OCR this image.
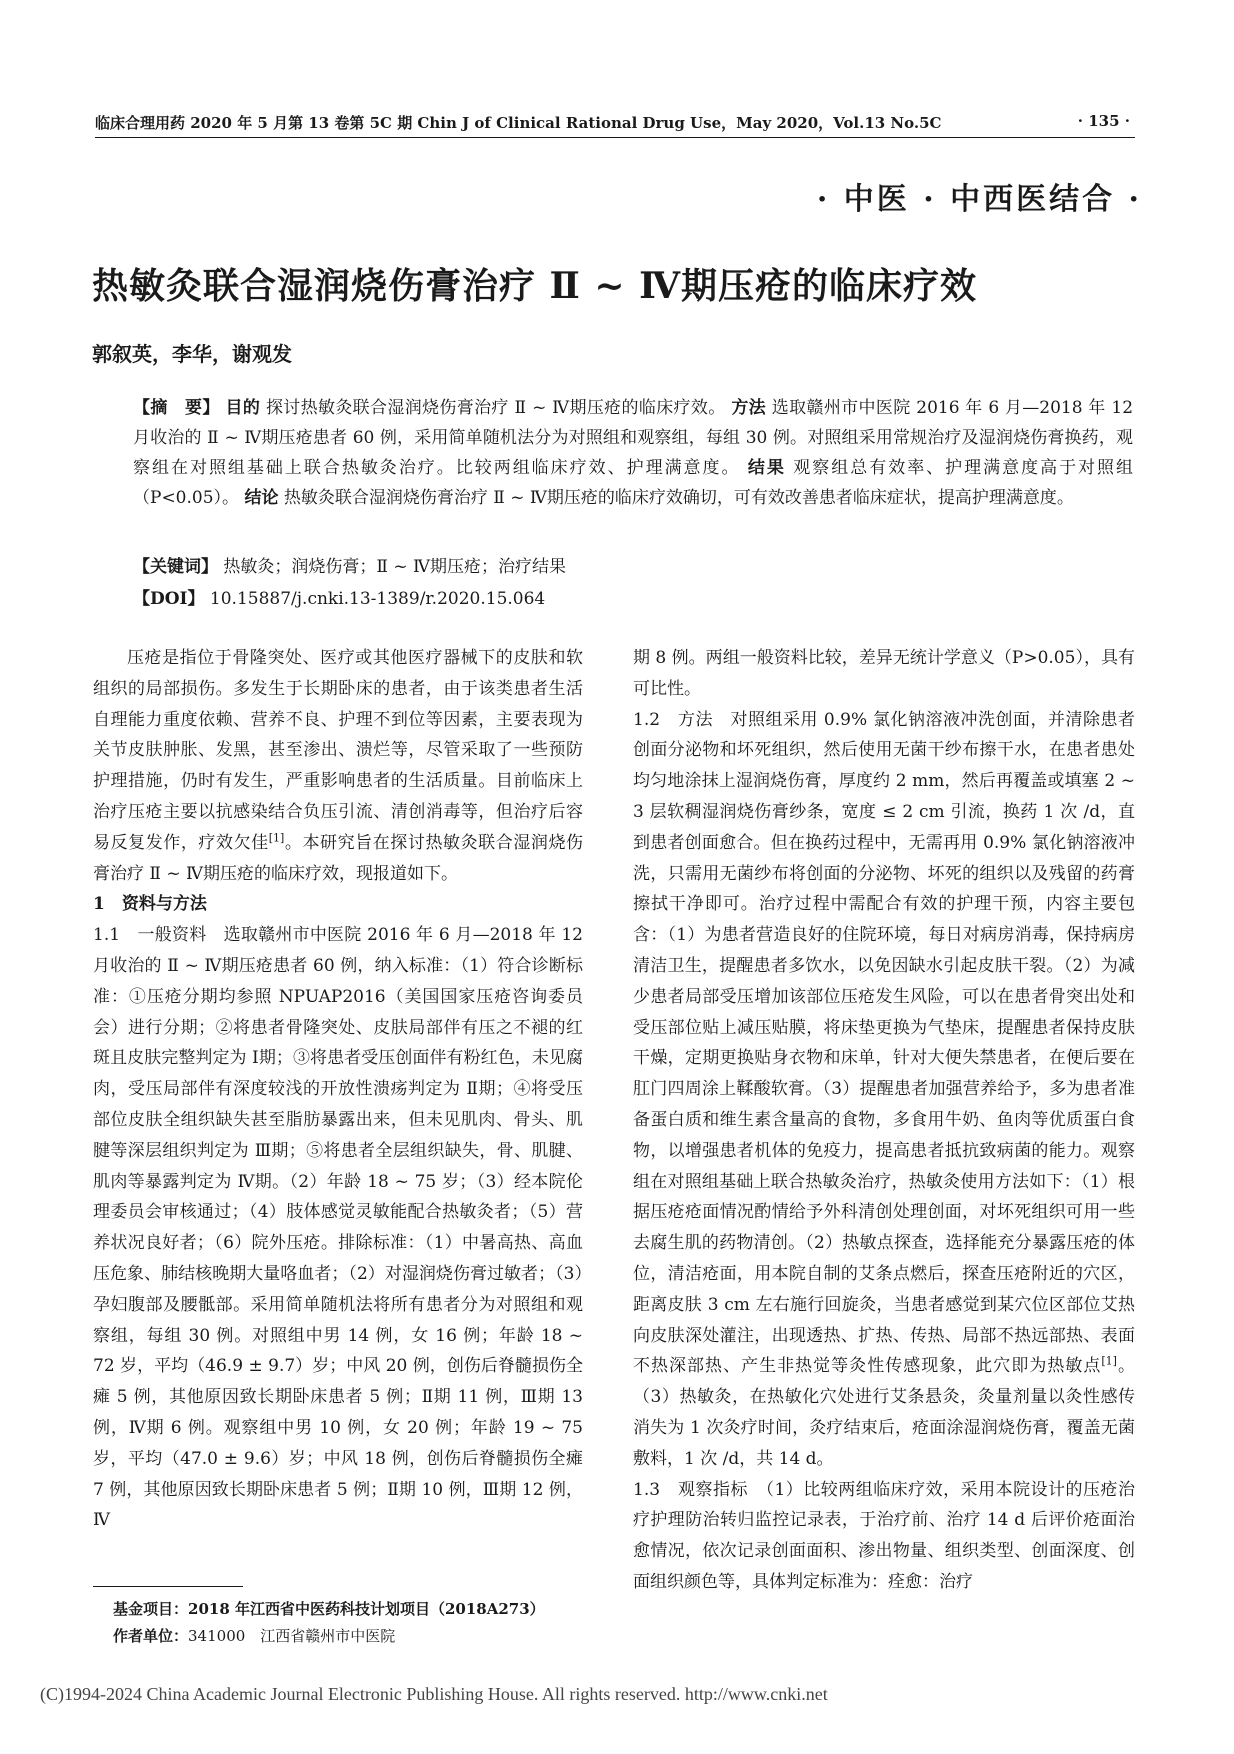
临床合理用药 2020 年 5 月第 13 卷第 5C 期 Chin J of Clinical Rational Drug Use，May 2020，Vol.13 No.5C	· 135 ·
· 中医 · 中西医结合 ·
热敏灸联合湿润烧伤膏治疗 Ⅱ ~ Ⅳ期压疮的临床疗效
郭叙英，李华，谢观发
【摘　要】 目的 探讨热敏灸联合湿润烧伤膏治疗 Ⅱ ~ Ⅳ期压疮的临床疗效。 方法 选取赣州市中医院 2016 年 6 月—2018 年 12 月收治的 Ⅱ ~ Ⅳ期压疮患者 60 例，采用简单随机法分为对照组和观察组，每组 30 例。对照组采用常规治疗及湿润烧伤膏换药，观察组在对照组基础上联合热敏灸治疗。比较两组临床疗效、护理满意度。 结果 观察组总有效率、护理满意度高于对照组（P<0.05）。 结论 热敏灸联合湿润烧伤膏治疗 Ⅱ ~ Ⅳ期压疮的临床疗效确切，可有效改善患者临床症状，提高护理满意度。
【关键词】 热敏灸；润烧伤膏；Ⅱ ~ Ⅳ期压疮；治疗结果
【DOI】 10.15887/j.cnki.13-1389/r.2020.15.064

压疮是指位于骨隆突处、医疗或其他医疗器械下的皮肤和软组织的局部损伤。多发生于长期卧床的患者，由于该类患者生活自理能力重度依赖、营养不良、护理不到位等因素，主要表现为关节皮肤肿胀、发黑，甚至渗出、溃烂等，尽管采取了一些预防护理措施，仍时有发生，严重影响患者的生活质量。目前临床上治疗压疮主要以抗感染结合负压引流、清创消毒等，但治疗后容易反复发作，疗效欠佳[1]。本研究旨在探讨热敏灸联合湿润烧伤膏治疗 Ⅱ ~ Ⅳ期压疮的临床疗效，现报道如下。

1　资料与方法

1.1　一般资料　 选取赣州市中医院 2016 年 6 月—2018 年 12 月收治的 Ⅱ ~ Ⅳ期压疮患者 60 例，纳入标准：（1）符合诊断标准：①压疮分期均参照 NPUAP2016（美国国家压疮咨询委员会）进行分期；②将患者骨隆突处、皮肤局部伴有压之不褪的红斑且皮肤完整判定为 Ⅰ期；③将患者受压创面伴有粉红色，未见腐肉，受压局部伴有深度较浅的开放性溃疡判定为 Ⅱ期；④将受压部位皮肤全组织缺失甚至脂肪暴露出来，但未见肌肉、骨头、肌腱等深层组织判定为 Ⅲ期；⑤将患者全层组织缺失，骨、肌腱、肌肉等暴露判定为 Ⅳ期。（2）年龄 18 ~ 75 岁；（3）经本院伦理委员会审核通过；（4）肢体感觉灵敏能配合热敏灸者；（5）营养状况良好者；（6）院外压疮。排除标准：（1）中暑高热、高血压危象、肺结核晚期大量咯血者；（2）对湿润烧伤膏过敏者；（3）孕妇腹部及腰骶部。采用简单随机法将所有患者分为对照组和观察组，每组 30 例。对照组中男 14 例，女 16 例；年龄 18 ~ 72 岁，平均（46.9 ± 9.7）岁；中风 20 例，创伤后脊髓损伤全瘫 5 例，其他原因致长期卧床患者 5 例；Ⅱ期 11 例，Ⅲ期 13 例，Ⅳ期 6 例。观察组中男 10 例，女 20 例；年龄 19 ~ 75 岁，平均（47.0 ± 9.6）岁；中风 18 例，创伤后脊髓损伤全瘫 7 例，其他原因致长期卧床患者 5 例；Ⅱ期 10 例，Ⅲ期 12 例，Ⅳ

期 8 例。两组一般资料比较，差异无统计学意义（P>0.05），具有可比性。

1.2　方法　 对照组采用 0.9% 氯化钠溶液冲洗创面，并清除患者创面分泌物和坏死组织，然后使用无菌干纱布擦干水，在患者患处均匀地涂抹上湿润烧伤膏，厚度约 2 mm，然后再覆盖或填塞 2 ~ 3 层软稠湿润烧伤膏纱条，宽度 ≤ 2 cm 引流，换药 1 次 /d，直到患者创面愈合。但在换药过程中，无需再用 0.9% 氯化钠溶液冲洗，只需用无菌纱布将创面的分泌物、坏死的组织以及残留的药膏擦拭干净即可。治疗过程中需配合有效的护理干预，内容主要包含：（1）为患者营造良好的住院环境，每日对病房消毒，保持病房清洁卫生，提醒患者多饮水，以免因缺水引起皮肤干裂。（2）为减少患者局部受压增加该部位压疮发生风险，可以在患者骨突出处和受压部位贴上减压贴膜，将床垫更换为气垫床，提醒患者保持皮肤干燥，定期更换贴身衣物和床单，针对大便失禁患者，在便后要在肛门四周涂上鞣酸软膏。（3）提醒患者加强营养给予，多为患者准备蛋白质和维生素含量高的食物，多食用牛奶、鱼肉等优质蛋白食物，以增强患者机体的免疫力，提高患者抵抗致病菌的能力。观察组在对照组基础上联合热敏灸治疗，热敏灸使用方法如下：（1）根据压疮疮面情况酌情给予外科清创处理创面，对坏死组织可用一些去腐生肌的药物清创。（2）热敏点探查，选择能充分暴露压疮的体位，清洁疮面，用本院自制的艾条点燃后，探查压疮附近的穴区，距离皮肤 3 cm 左右施行回旋灸，当患者感觉到某穴位区部位艾热向皮肤深处灌注，出现透热、扩热、传热、局部不热远部热、表面不热深部热、产生非热觉等灸性传感现象，此穴即为热敏点[1]。（3）热敏灸，在热敏化穴处进行艾条悬灸，灸量剂量以灸性感传消失为 1 次灸疗时间，灸疗结束后，疮面涂湿润烧伤膏，覆盖无菌敷料，1 次 /d，共 14 d。

1.3　观察指标　 （1）比较两组临床疗效，采用本院设计的压疮治疗护理防治转归监控记录表，于治疗前、治疗 14 d 后评价疮面治愈情况，依次记录创面面积、渗出物量、组织类型、创面深度、创面组织颜色等，具体判定标准为：痊愈：治疗

基金项目：2018 年江西省中医药科技计划项目（2018A273）
作者单位：341000　江西省赣州市中医院
(C)1994-2024 China Academic Journal Electronic Publishing House. All rights reserved. http://www.cnki.net
